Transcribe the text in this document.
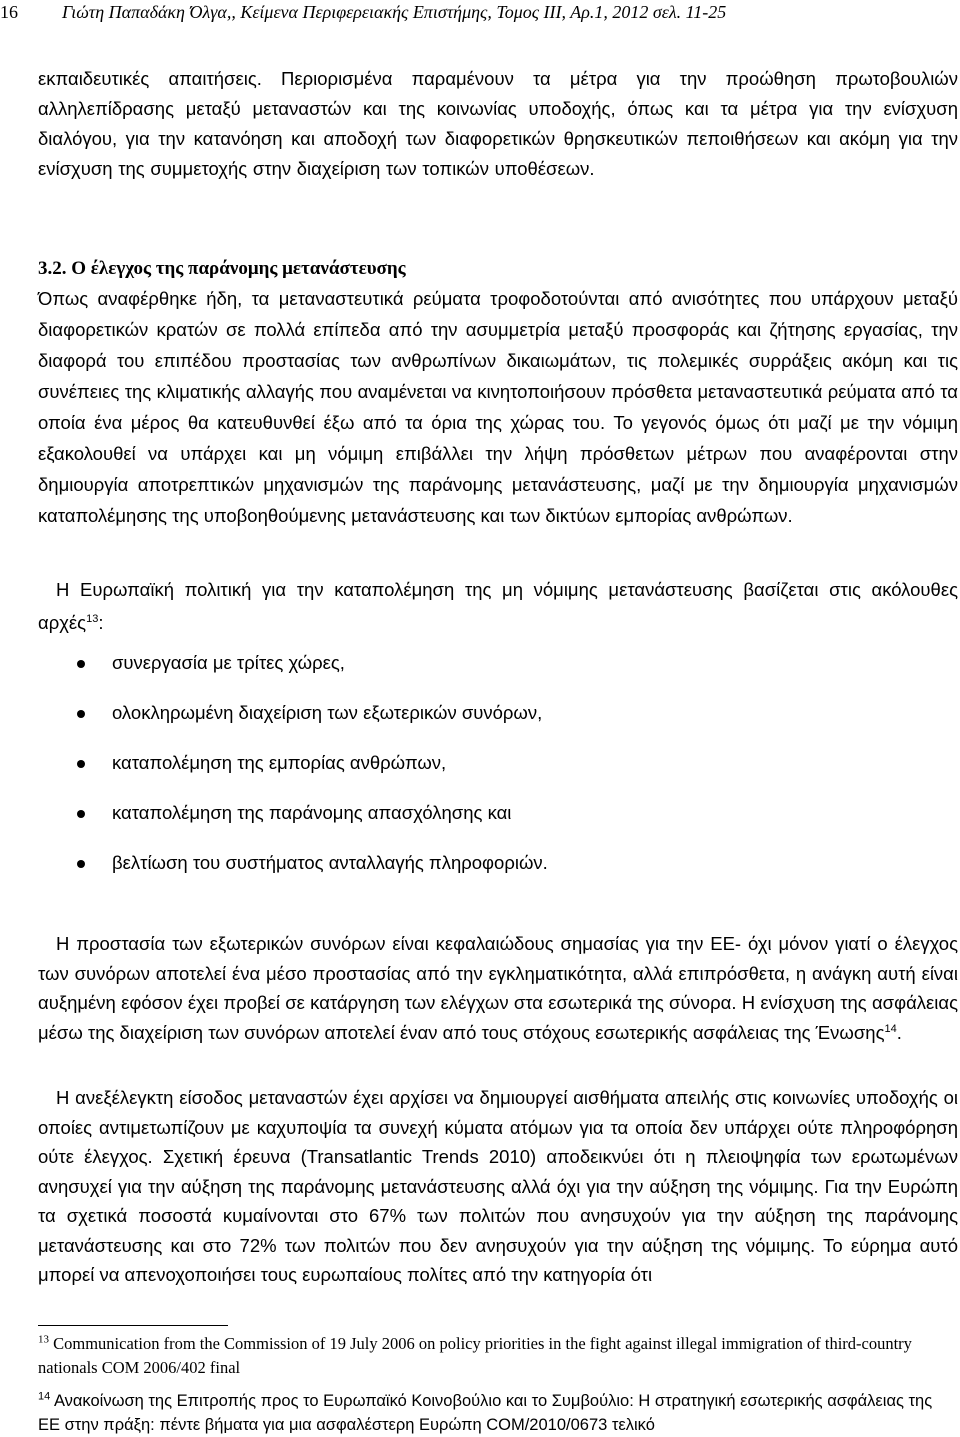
16 Γιώτη Παπαδάκη Όλγα,, Κείμενα Περιφερειακής Επιστήμης, Τομος ΙΙΙ, Αρ.1, 2012 σελ. 11-25

εκπαιδευτικές απαιτήσεις. Περιορισμένα παραμένουν τα μέτρα για την προώθηση πρωτοβουλιών αλληλεπίδρασης μεταξύ μεταναστών και της κοινωνίας υποδοχής, όπως και τα μέτρα για την ενίσχυση διαλόγου, για την κατανόηση και αποδοχή των διαφορετικών θρησκευτικών πεποιθήσεων και ακόμη για την ενίσχυση της συμμετοχής στην διαχείριση των τοπικών υποθέσεων.

3.2. Ο έλεγχος της παράνομης μετανάστευσης

Όπως αναφέρθηκε ήδη, τα μεταναστευτικά ρεύματα τροφοδοτούνται από ανισότητες που υπάρχουν μεταξύ διαφορετικών κρατών σε πολλά επίπεδα από την ασυμμετρία μεταξύ προσφοράς και ζήτησης εργασίας, την διαφορά του επιπέδου προστασίας των ανθρωπίνων δικαιωμάτων, τις πολεμικές συρράξεις ακόμη και τις συνέπειες της κλιματικής αλλαγής που αναμένεται να κινητοποιήσουν πρόσθετα μεταναστευτικά ρεύματα από τα οποία ένα μέρος θα κατευθυνθεί έξω από τα όρια της χώρας του. Το γεγονός όμως ότι μαζί με την νόμιμη εξακολουθεί να υπάρχει και μη νόμιμη επιβάλλει την λήψη πρόσθετων μέτρων που αναφέρονται στην δημιουργία αποτρεπτικών μηχανισμών της παράνομης μετανάστευσης, μαζί με την δημιουργία μηχανισμών καταπολέμησης της υποβοηθούμενης μετανάστευσης και των δικτύων εμπορίας ανθρώπων.

Η Ευρωπαϊκή πολιτική για την καταπολέμηση της μη νόμιμης μετανάστευσης βασίζεται στις ακόλουθες αρχές$^{13}$:

συνεργασία με τρίτες χώρες,
ολοκληρωμένη διαχείριση των εξωτερικών συνόρων,
καταπολέμηση της εμπορίας ανθρώπων,
καταπολέμηση της παράνομης απασχόλησης και
βελτίωση του συστήματος ανταλλαγής πληροφοριών.

Η προστασία των εξωτερικών συνόρων είναι κεφαλαιώδους σημασίας για την ΕΕ- όχι μόνον γιατί ο έλεγχος των συνόρων αποτελεί ένα μέσο προστασίας από την εγκληματικότητα, αλλά επιπρόσθετα, η ανάγκη αυτή είναι αυξημένη εφόσον έχει προβεί σε κατάργηση των ελέγχων στα εσωτερικά της σύνορα. Η ενίσχυση της ασφάλειας μέσω της διαχείριση των συνόρων αποτελεί έναν από τους στόχους εσωτερικής ασφάλειας της Ένωσης$^{14}$.

Η ανεξέλεγκτη είσοδος μεταναστών έχει αρχίσει να δημιουργεί αισθήματα απειλής στις κοινωνίες υποδοχής οι οποίες αντιμετωπίζουν με καχυποψία τα συνεχή κύματα ατόμων για τα οποία δεν υπάρχει ούτε πληροφόρηση ούτε έλεγχος. Σχετική έρευνα (Transatlantic Trends 2010) αποδεικνύει ότι η πλειοψηφία των ερωτωμένων ανησυχεί για την αύξηση της παράνομης μετανάστευσης αλλά όχι για την αύξηση της νόμιμης. Για την Ευρώπη τα σχετικά ποσοστά κυμαίνονται στο 67% των πολιτών που ανησυχούν για την αύξηση της παράνομης μετανάστευσης και στο 72% των πολιτών που δεν ανησυχούν για την αύξηση της νόμιμης. Το εύρημα αυτό μπορεί να απενοχοποιήσει τους ευρωπαίους πολίτες από την κατηγορία ότι

$^{13}$ Communication from the Commission of 19 July 2006 on policy priorities in the fight against illegal immigration of third-country nationals COM 2006/402 final
$^{14}$ Ανακοίνωση της Επιτροπής προς το Ευρωπαϊκό Κοινοβούλιο και το Συμβούλιο: Η στρατηγική εσωτερικής ασφάλειας της ΕΕ στην πράξη: πέντε βήματα για μια ασφαλέστερη Ευρώπη COM/2010/0673 τελικό
